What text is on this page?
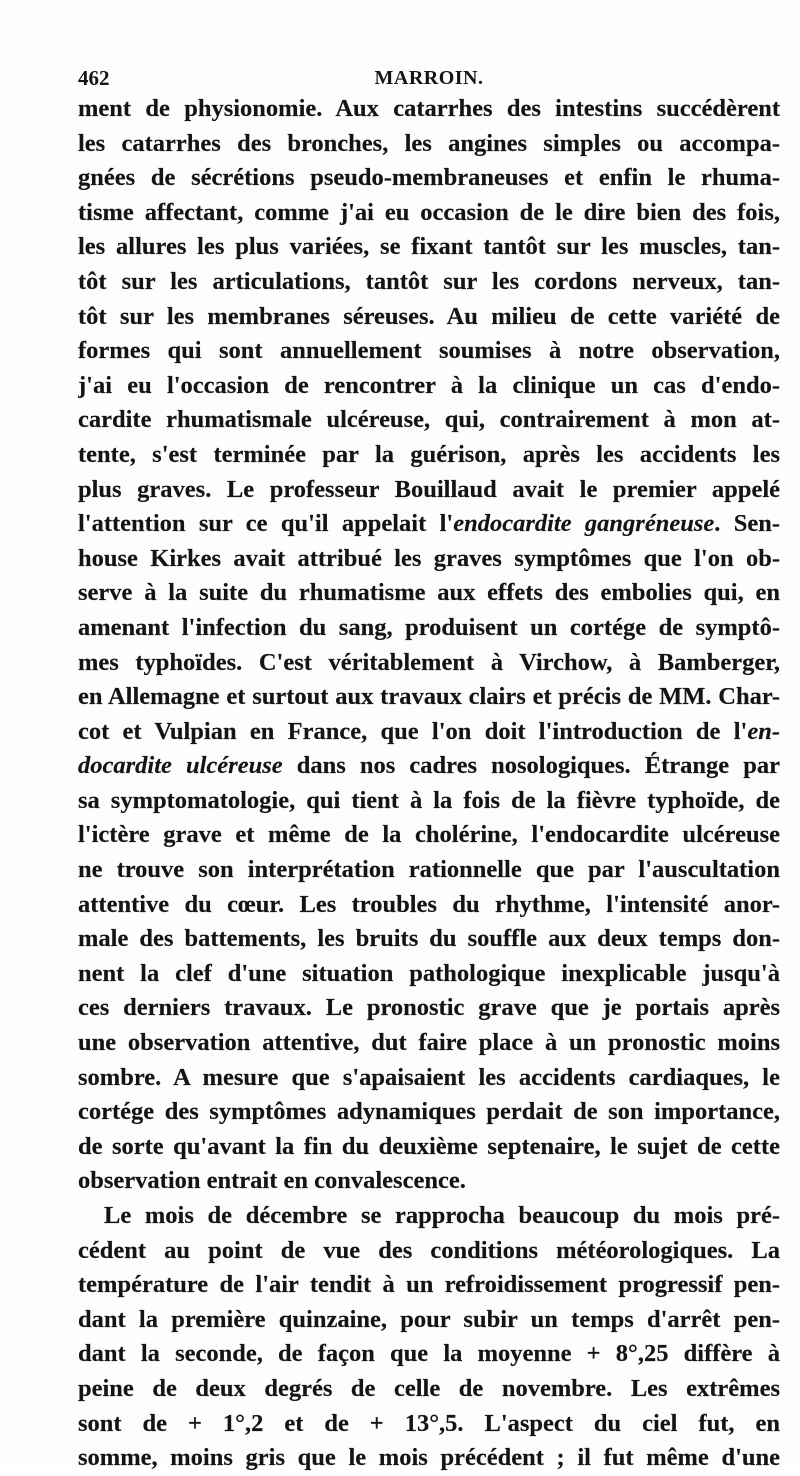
462	MARROIN.
ment de physionomie. Aux catarrhes des intestins succédèrent
les catarrhes des bronches, les angines simples ou accompa-
gnées de sécrétions pseudo-membraneuses et enfin le rhuma-
tisme affectant, comme j'ai eu occasion de le dire bien des fois,
les allures les plus variées, se fixant tantôt sur les muscles, tan-
tôt sur les articulations, tantôt sur les cordons nerveux, tan-
tôt sur les membranes séreuses. Au milieu de cette variété de
formes qui sont annuellement soumises à notre observation,
j'ai eu l'occasion de rencontrer à la clinique un cas d'endo-
cardite rhumatismale ulcéreuse, qui, contrairement à mon at-
tente, s'est terminée par la guérison, après les accidents les
plus graves. Le professeur Bouillaud avait le premier appelé
l'attention sur ce qu'il appelait l'endocardite gangréneuse. Sen-
house Kirkes avait attribué les graves symptômes que l'on ob-
serve à la suite du rhumatisme aux effets des embolies qui, en
amenant l'infection du sang, produisent un cortége de symptô-
mes typhoïdes. C'est véritablement à Virchow, à Bamberger,
en Allemagne et surtout aux travaux clairs et précis de MM. Char-
cot et Vulpian en France, que l'on doit l'introduction de l'en-
docardite ulcéreuse dans nos cadres nosologiques. Étrange par
sa symptomatologie, qui tient à la fois de la fièvre typhoïde, de
l'ictère grave et même de la cholérine, l'endocardite ulcéreuse
ne trouve son interprétation rationnelle que par l'auscultation
attentive du cœur. Les troubles du rhythme, l'intensité anor-
male des battements, les bruits du souffle aux deux temps don-
nent la clef d'une situation pathologique inexplicable jusqu'à
ces derniers travaux. Le pronostic grave que je portais après
une observation attentive, dut faire place à un pronostic moins
sombre. A mesure que s'apaisaient les accidents cardiaques, le
cortége des symptômes adynamiques perdait de son importance,
de sorte qu'avant la fin du deuxième septenaire, le sujet de cette
observation entrait en convalescence.
Le mois de décembre se rapprocha beaucoup du mois pré-
cédent au point de vue des conditions météorologiques. La
température de l'air tendit à un refroidissement progressif pen-
dant la première quinzaine, pour subir un temps d'arrêt pen-
dant la seconde, de façon que la moyenne + 8°,25 diffère à
peine de deux degrés de celle de novembre. Les extrêmes
sont de + 1°,2 et de + 13°,5. L'aspect du ciel fut, en
somme, moins gris que le mois précédent ; il fut même d'une
